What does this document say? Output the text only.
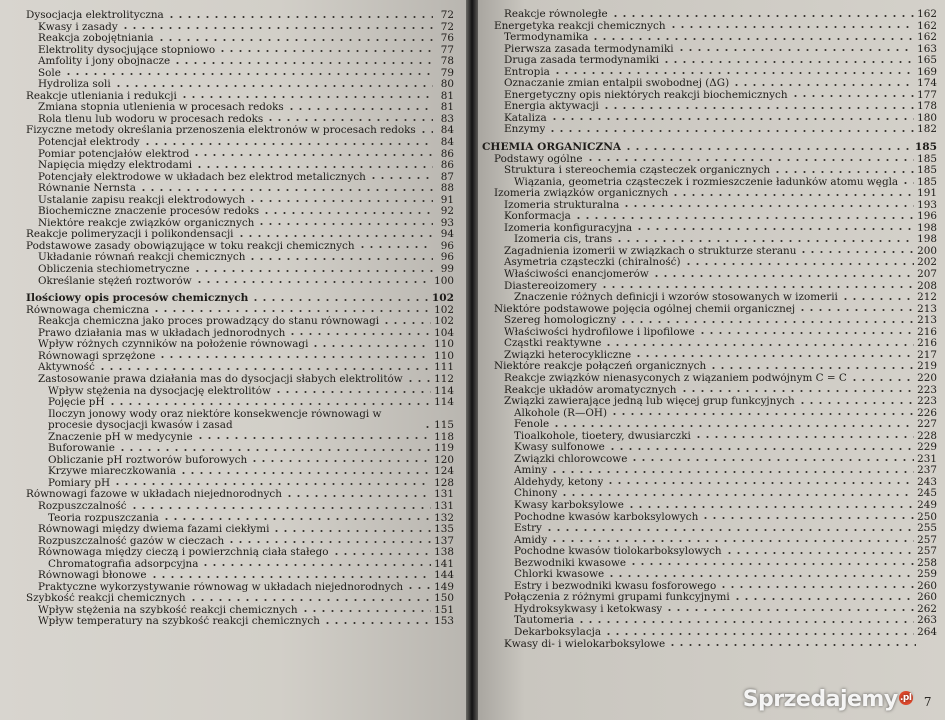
Dysocjacja elektrolityczna	72
Kwasy i zasady	72
Reakcja zobojętniania	76
Elektrolity dysocjujące stopniowo	77
Amfolity i jony obojnacze	78
Sole	79
Hydroliza soli	80
Reakcje utleniania i redukcji	81
Zmiana stopnia utlenienia w procesach redoks	81
Rola tlenu lub wodoru w procesach redoks	83
Fizyczne metody określania przenoszenia elektronów w procesach redoks	84
Potencjał elektrody	84
Pomiar potencjałów elektrod	86
Napięcia między elektrodami	86
Potencjały elektrodowe w układach bez elektrod metalicznych	87
Równanie Nernsta	88
Ustalanie zapisu reakcji elektrodowych	91
Biochemiczne znaczenie procesów redoks	92
Niektóre reakcje związków organicznych	93
Reakcje polimeryzacji i polikondensacji	94
Podstawowe zasady obowiązujące w toku reakcji chemicznych	96
Układanie równań reakcji chemicznych	96
Obliczenia stechiometryczne	99
Określanie stężeń roztworów	100
Ilościowy opis procesów chemicznych	102
Równowaga chemiczna	102
Reakcja chemiczna jako proces prowadzący do stanu równowagi	102
Prawo działania mas w układach jednorodnych	104
Wpływ różnych czynników na położenie równowagi	110
Równowagi sprzężone	110
Aktywność	111
Zastosowanie prawa działania mas do dysocjacji słabych elektrolitów	112
Wpływ stężenia na dysocjację elektrolitów	114
Pojęcie pH	114
Iloczyn jonowy wody oraz niektóre konsekwencje równowagi w procesie dysocjacji kwasów i zasad	115
Znaczenie pH w medycynie	118
Buforowanie	119
Obliczanie pH roztworów buforowych	120
Krzywe miareczkowania	124
Pomiary pH	128
Równowagi fazowe w układach niejednorodnych	131
Rozpuszczalność	131
Teoria rozpuszczania	132
Równowagi między dwiema fazami ciekłymi	135
Rozpuszczalność gazów w cieczach	137
Równowaga między cieczą i powierzchnią ciała stałego	138
Chromatografia adsorpcyjna	141
Równowagi błonowe	144
Praktyczne wykorzystywanie równowag w układach niejednorodnych	149
Szybkość reakcji chemicznych	150
Wpływ stężenia na szybkość reakcji chemicznych	151
Wpływ temperatury na szybkość reakcji chemicznych	153
Reakcje równoległe	162
Energetyka reakcji chemicznych	162
Termodynamika	162
Pierwsza zasada termodynamiki	163
Druga zasada termodynamiki	165
Entropia	169
Oznaczanie zmian entalpii swobodnej (ΔG)	174
Energetyczny opis niektórych reakcji biochemicznych	177
Energia aktywacji	178
Kataliza	180
Enzymy	182
CHEMIA ORGANICZNA	185
Podstawy ogólne	185
Struktura i stereochemia cząsteczek organicznych	185
Wiązania, geometria cząsteczek i rozmieszczenie ładunków atomu węgla 185
Izomeria związków organicznych	191
Izomeria strukturalna	193
Konformacja	196
Izomeria konfiguracyjna	198
Izomeria cis, trans	198
Zagadnienia izomerii w związkach o strukturze steranu	200
Asymetria cząsteczki (chiralność)	202
Właściwości enancjomerów	207
Diastereoizomery	208
Znaczenie różnych definicji i wzorów stosowanych w izomerii	212
Niektóre podstawowe pojęcia ogólnej chemii organicznej	213
Szereg homologiczny	213
Właściwości hydrofilowe i lipofilowe	216
Cząstki reaktywne	216
Związki heterocykliczne	217
Niektóre reakcje połączeń organicznych	219
Reakcje związków nienasyconych z wiązaniem podwójnym C = C	220
Reakcje układów aromatycznych	223
Związki zawierające jedną lub więcej grup funkcyjnych	223
Alkohole (R—OH)	226
Fenole	227
Tioalkohole, tioetery, dwusiarczki	228
Kwasy sulfonowe	229
Związki chlorowcowe	231
Aminy	237
Aldehydy, ketony	243
Chinony	245
Kwasy karboksylowe	249
Pochodne kwasów karboksylowych	250
Estry	255
Amidy	257
Pochodne kwasów tiolokarboksylowych	257
Bezwodniki kwasowe	258
Chlorki kwasowe	259
Estry i bezwodniki kwasu fosforowego	260
Połączenia z różnymi grupami funkcyjnymi	260
Hydroksykwasy i ketokwasy	262
Tautomeria	263
Dekarboksylacja	264
Kwasy di- i wielokarboksylowe
Sprzedajemy .pl 7
